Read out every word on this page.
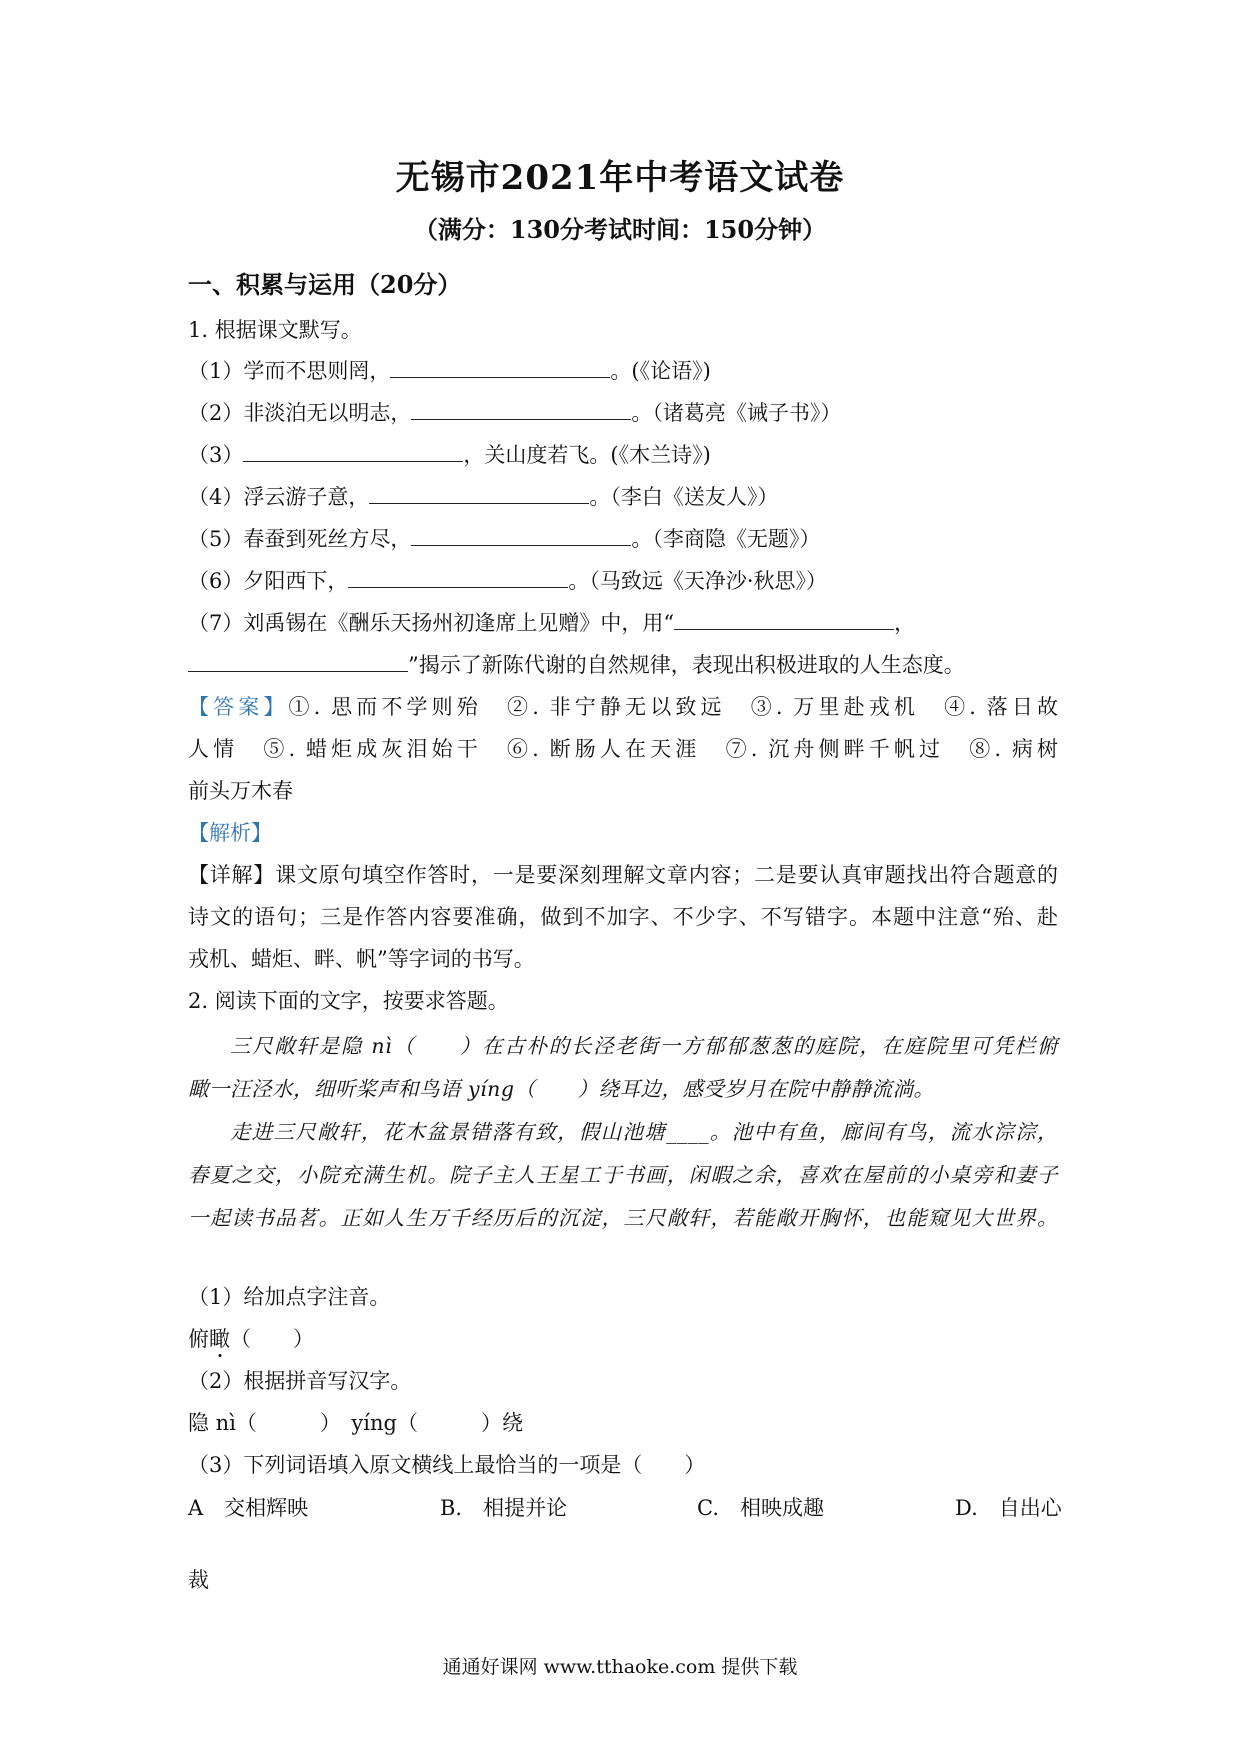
无锡市2021年中考语文试卷
（满分：130分考试时间：150分钟）
一、积累与运用（20分）
1. 根据课文默写。
（1）学而不思则罔，	。(《论语》)
（2）非淡泊无以明志，	。（诸葛亮《诫子书》）
（3）	，关山度若飞。(《木兰诗》)
（4）浮云游子意，	。（李白《送友人》）
（5）春蚕到死丝方尽，	。（李商隐《无题》）
（6）夕阳西下，	。（马致远《天净沙·秋思》）
（7）刘禹锡在《酬乐天扬州初逢席上见赠》中，用“	，
”揭示了新陈代谢的自然规律，表现出积极进取的人生态度。
【答案】①. 思而不学则殆　②. 非宁静无以致远　③. 万里赴戎机　④. 落日故
人情　⑤. 蜡炬成灰泪始干　⑥. 断肠人在天涯　⑦. 沉舟侧畔千帆过　⑧. 病树
前头万木春
【解析】
【详解】课文原句填空作答时，一是要深刻理解文章内容；二是要认真审题找出符合题意的
诗文的语句；三是作答内容要准确，做到不加字、不少字、不写错字。本题中注意“殆、赴
戎机、蜡炬、畔、帆”等字词的书写。
2. 阅读下面的文字，按要求答题。
三尺敞轩是隐 nì（　　）在古朴的长泾老街一方郁郁葱葱的庭院，在庭院里可凭栏俯
瞰一汪泾水，细听桨声和鸟语 yíng（　　）绕耳边，感受岁月在院中静静流淌。
走进三尺敞轩，花木盆景错落有致，假山池塘____。池中有鱼，廊间有鸟，流水淙淙，
春夏之交，小院充满生机。院子主人王星工于书画，闲暇之余，喜欢在屋前的小桌旁和妻子
一起读书品茗。正如人生万千经历后的沉淀，三尺敞轩，若能敞开胸怀，也能窥见大世界。
（1）给加点字注音。
俯瞰（　　）
（2）根据拼音写汉字。
隐 nì（　　　）　yíng（　　　）绕
（3）下列词语填入原文横线上最恰当的一项是（　　）
A　交相辉映	B.　相提并论	C.　相映成趣	D.　自出心
裁
通通好课网 www.tthaoke.com 提供下载
